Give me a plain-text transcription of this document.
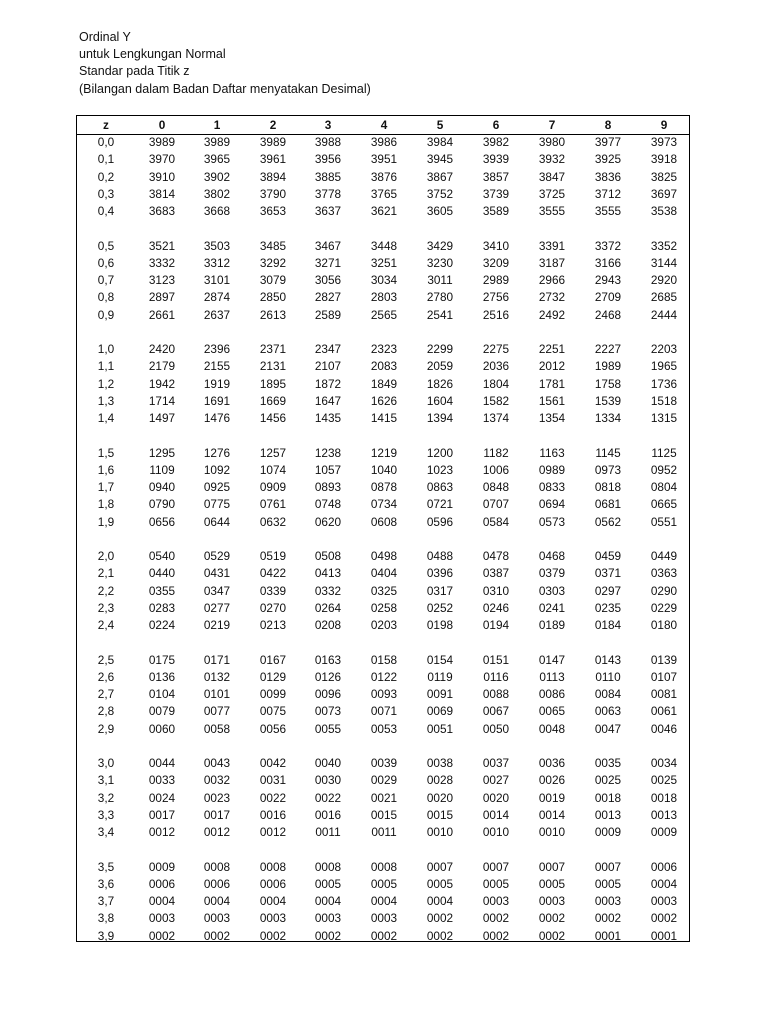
Ordinal Y
untuk Lengkungan Normal
Standar pada Titik z
(Bilangan dalam Badan Daftar menyatakan Desimal)
z	0	1	2	3	4	5	6	7	8	9
0,0	3989	3989	3989	3988	3986	3984	3982	3980	3977	3973
0,1	3970	3965	3961	3956	3951	3945	3939	3932	3925	3918
0,2	3910	3902	3894	3885	3876	3867	3857	3847	3836	3825
0,3	3814	3802	3790	3778	3765	3752	3739	3725	3712	3697
0,4	3683	3668	3653	3637	3621	3605	3589	3555	3555	3538
0,5	3521	3503	3485	3467	3448	3429	3410	3391	3372	3352
0,6	3332	3312	3292	3271	3251	3230	3209	3187	3166	3144
0,7	3123	3101	3079	3056	3034	3011	2989	2966	2943	2920
0,8	2897	2874	2850	2827	2803	2780	2756	2732	2709	2685
0,9	2661	2637	2613	2589	2565	2541	2516	2492	2468	2444
1,0	2420	2396	2371	2347	2323	2299	2275	2251	2227	2203
1,1	2179	2155	2131	2107	2083	2059	2036	2012	1989	1965
1,2	1942	1919	1895	1872	1849	1826	1804	1781	1758	1736
1,3	1714	1691	1669	1647	1626	1604	1582	1561	1539	1518
1,4	1497	1476	1456	1435	1415	1394	1374	1354	1334	1315
1,5	1295	1276	1257	1238	1219	1200	1182	1163	1145	1125
1,6	1109	1092	1074	1057	1040	1023	1006	0989	0973	0952
1,7	0940	0925	0909	0893	0878	0863	0848	0833	0818	0804
1,8	0790	0775	0761	0748	0734	0721	0707	0694	0681	0665
1,9	0656	0644	0632	0620	0608	0596	0584	0573	0562	0551
2,0	0540	0529	0519	0508	0498	0488	0478	0468	0459	0449
2,1	0440	0431	0422	0413	0404	0396	0387	0379	0371	0363
2,2	0355	0347	0339	0332	0325	0317	0310	0303	0297	0290
2,3	0283	0277	0270	0264	0258	0252	0246	0241	0235	0229
2,4	0224	0219	0213	0208	0203	0198	0194	0189	0184	0180
2,5	0175	0171	0167	0163	0158	0154	0151	0147	0143	0139
2,6	0136	0132	0129	0126	0122	0119	0116	0113	0110	0107
2,7	0104	0101	0099	0096	0093	0091	0088	0086	0084	0081
2,8	0079	0077	0075	0073	0071	0069	0067	0065	0063	0061
2,9	0060	0058	0056	0055	0053	0051	0050	0048	0047	0046
3,0	0044	0043	0042	0040	0039	0038	0037	0036	0035	0034
3,1	0033	0032	0031	0030	0029	0028	0027	0026	0025	0025
3,2	0024	0023	0022	0022	0021	0020	0020	0019	0018	0018
3,3	0017	0017	0016	0016	0015	0015	0014	0014	0013	0013
3,4	0012	0012	0012	0011	0011	0010	0010	0010	0009	0009
3,5	0009	0008	0008	0008	0008	0007	0007	0007	0007	0006
3,6	0006	0006	0006	0005	0005	0005	0005	0005	0005	0004
3,7	0004	0004	0004	0004	0004	0004	0003	0003	0003	0003
3,8	0003	0003	0003	0003	0003	0002	0002	0002	0002	0002
3,9	0002	0002	0002	0002	0002	0002	0002	0002	0001	0001
